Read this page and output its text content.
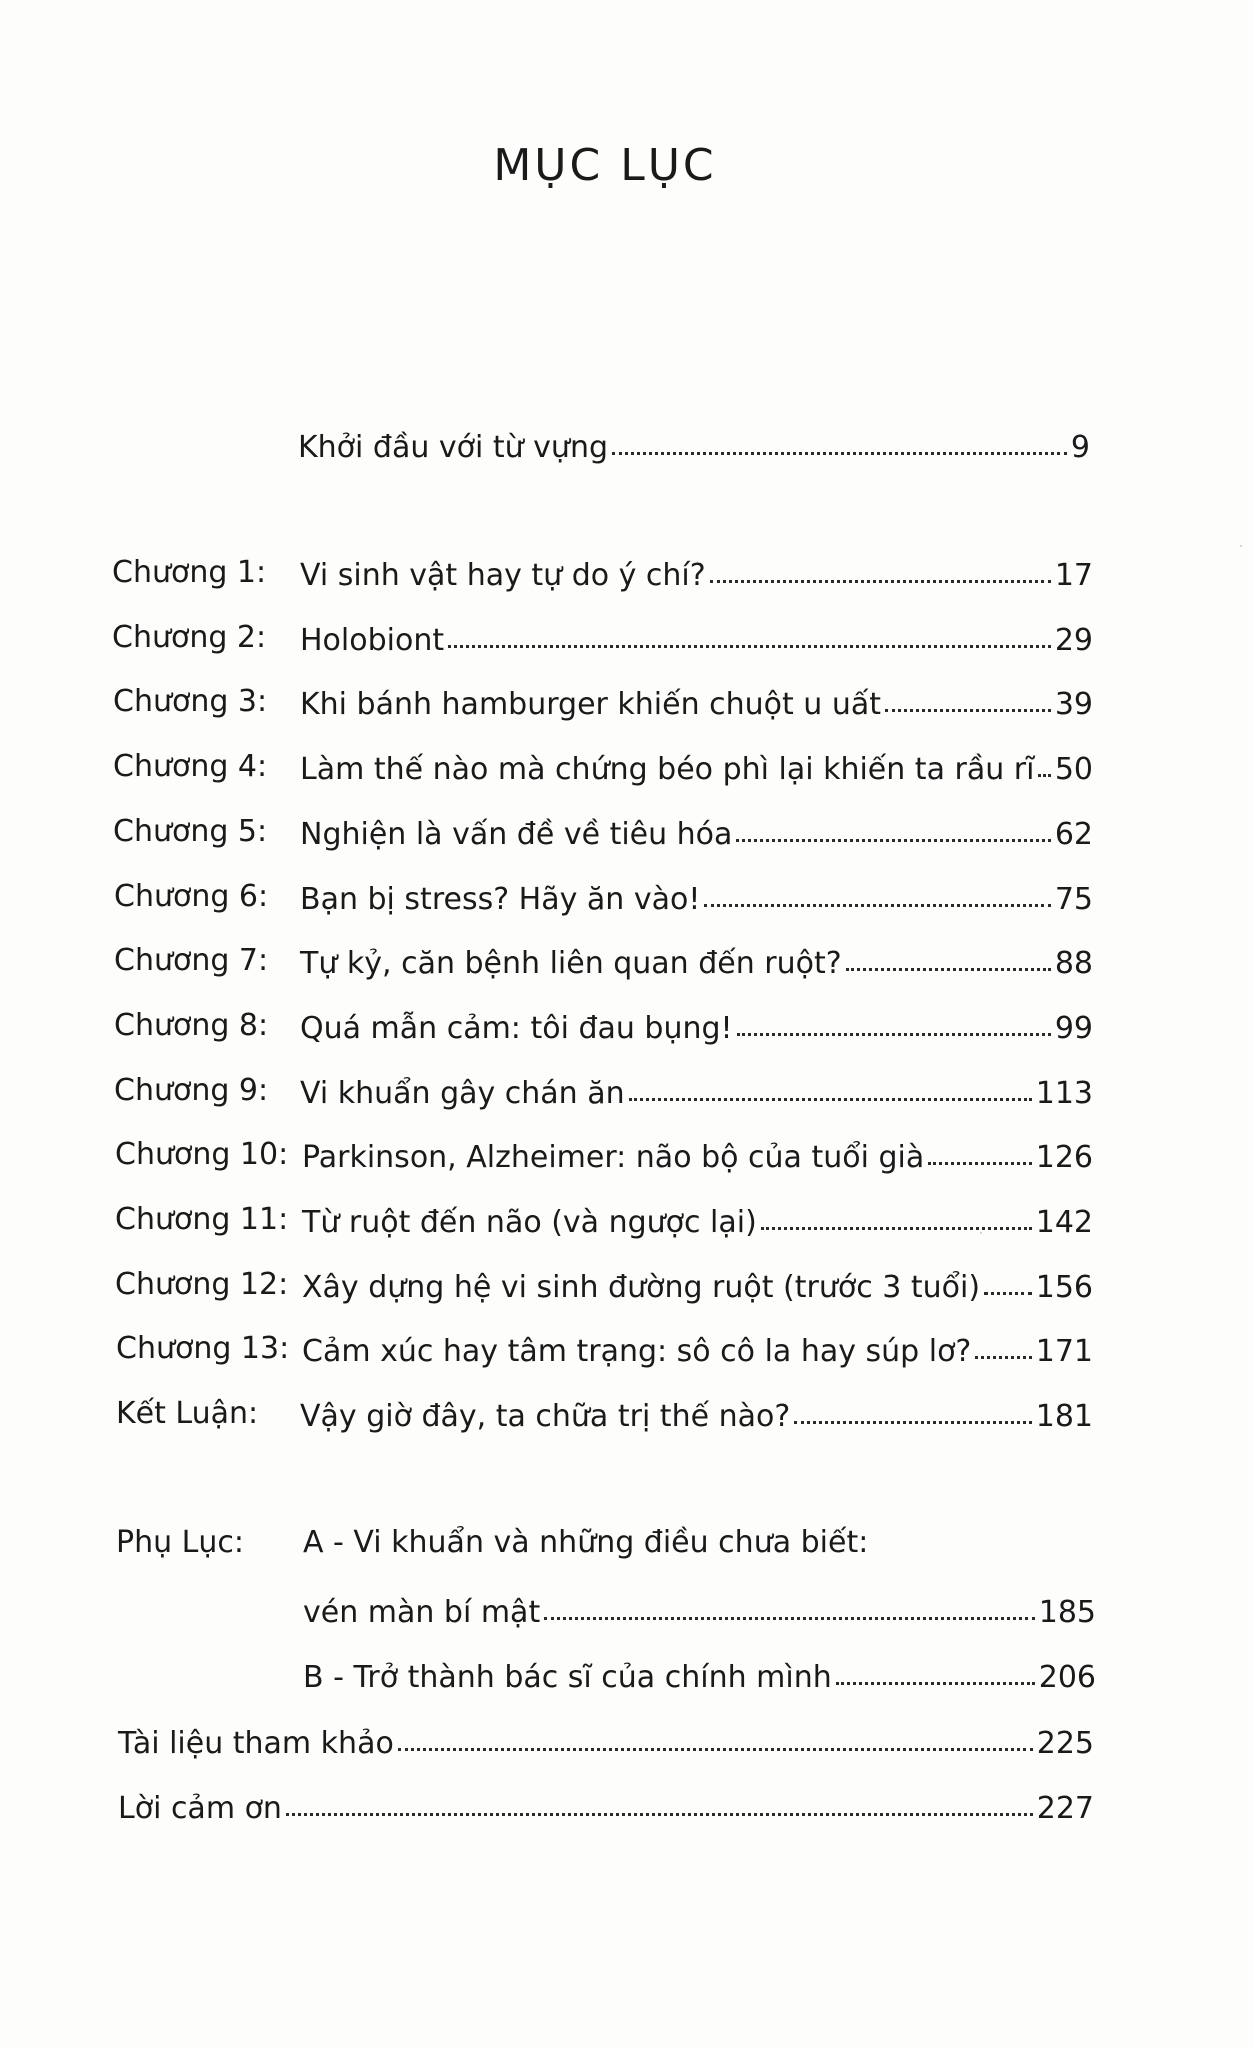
MỤC LỤC
Khởi đầu với từ vựng	9
Chương 1: Vi sinh vật hay tự do ý chí?	17
Chương 2: Holobiont	29
Chương 3: Khi bánh hamburger khiến chuột u uất	39
Chương 4: Làm thế nào mà chứng béo phì lại khiến ta rầu rĩ 50
Chương 5: Nghiện là vấn đề về tiêu hóa	62
Chương 6: Bạn bị stress? Hãy ăn vào!	75
Chương 7: Tự kỷ, căn bệnh liên quan đến ruột?	88
Chương 8: Quá mẫn cảm: tôi đau bụng!	99
Chương 9: Vi khuẩn gây chán ăn	113
Chương 10: Parkinson, Alzheimer: não bộ của tuổi già	126
Chương 11: Từ ruột đến não (và ngược lại)	142
Chương 12: Xây dựng hệ vi sinh đường ruột (trước 3 tuổi) 156
Chương 13: Cảm xúc hay tâm trạng: sô cô la hay súp lơ? 171
Kết Luận: Vậy giờ đây, ta chữa trị thế nào?	181
Phụ Lục: A - Vi khuẩn và những điều chưa biết:
vén màn bí mật	185
B - Trở thành bác sĩ của chính mình	206
Tài liệu tham khảo	225
Lời cảm ơn	227
